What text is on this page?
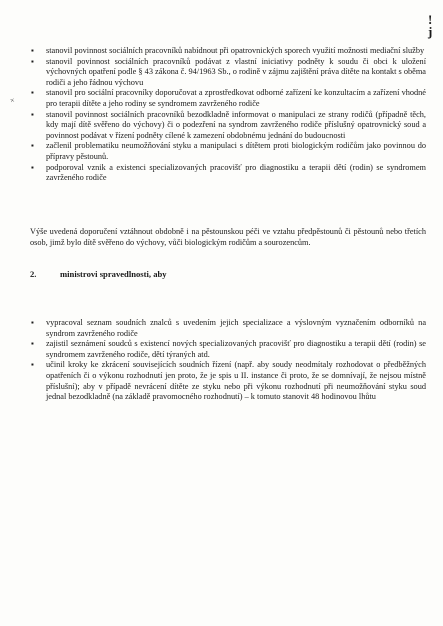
!
j
×
▪ stanovil povinnost sociálních pracovníků nabídnout při opatrovnických sporech využití možnosti mediační služby
▪ stanovil povinnost sociálních pracovníků podávat z vlastní iniciativy podněty k soudu či obci k uložení výchovných opatření podle § 43 zákona č. 94/1963 Sb., o rodině v zájmu zajištění práva dítěte na kontakt s oběma rodiči a jeho řádnou výchovu
▪ stanovil pro sociální pracovníky doporučovat a zprostředkovat odborné zařízení ke konzultacím a zařízení vhodné pro terapii dítěte a jeho rodiny se syndromem zavrženého rodiče
▪ stanovil povinnost sociálních pracovníků bezodkladně informovat o manipulaci ze strany rodičů (případně těch, kdy mají dítě svěřeno do výchovy) či o podezření na syndrom zavrženého rodiče příslušný opatrovnický soud a povinnost podávat v řízení podněty cílené k zamezení obdobnému jednání do budoucnosti
▪ začlenil problematiku neumožňování styku a manipulaci s dítětem proti biologickým rodičům jako povinnou do přípravy pěstounů.
▪ podporoval vznik a existenci specializovaných pracovišť pro diagnostiku a terapii dětí (rodin) se syndromem zavrženého rodiče

Výše uvedená doporučení vztáhnout obdobně i na pěstounskou péči ve vztahu předpěstounů či pěstounů nebo třetích osob, jimž bylo dítě svěřeno do výchovy, vůči biologickým rodičům a sourozencům.

2.	ministrovi spravedlnosti, aby

▪ vypracoval seznam soudních znalců s uvedením jejich specializace a výslovným vyznačením odborníků na syndrom zavrženého rodiče
▪ zajistil seznámení soudců s existencí nových specializovaných pracovišť pro diagnostiku a terapii dětí (rodin) se syndromem zavrženého rodiče, dětí týraných atd.
▪ učinil kroky ke zkrácení souvisejících soudních řízení (např. aby soudy neodmítaly rozhodovat o předběžných opatřeních či o výkonu rozhodnutí jen proto, že je spis u II. instance či proto, že se domnívají, že nejsou místně příslušní); aby v případě nevrácení dítěte ze styku nebo při výkonu rozhodnutí při neumožňování styku soud jednal bezodkladně (na základě pravomocného rozhodnutí) – k tomuto stanovit 48 hodinovou lhůtu
